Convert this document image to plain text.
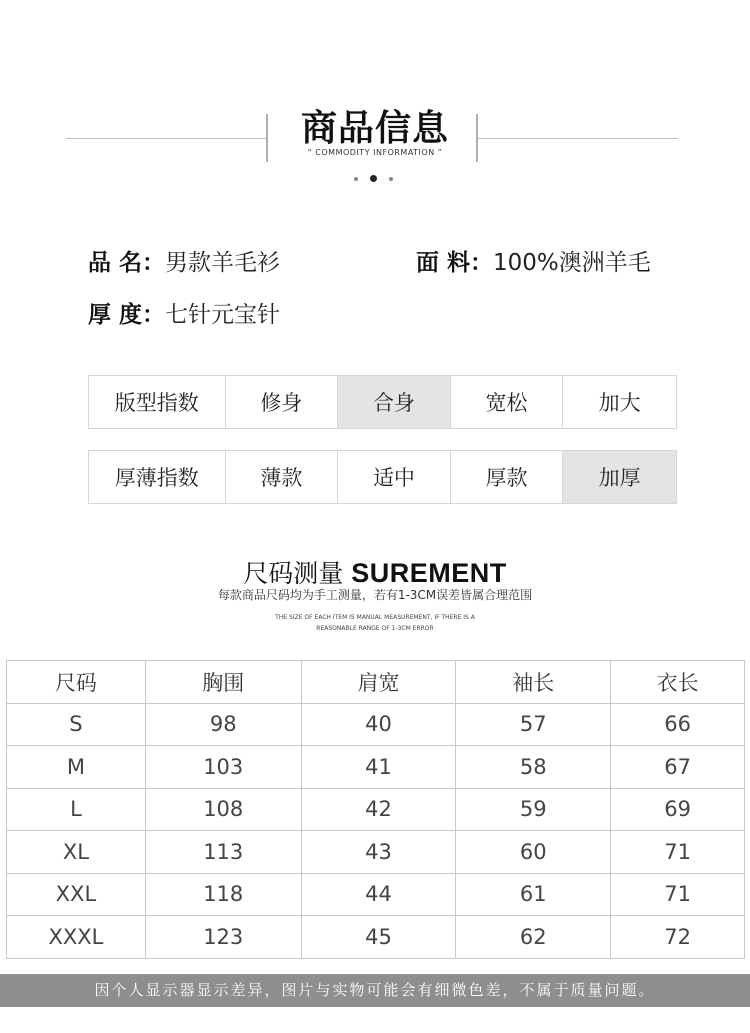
商品信息
“ COMMODITY INFORMATION ”
品 名：男款羊毛衫	面 料：100%澳洲羊毛
厚 度：七针元宝针
版型指数	修身	合身	宽松	加大
厚薄指数	薄款	适中	厚款	加厚
尺码测量 SUREMENT
每款商品尺码均为手工测量，若有1-3CM误差皆属合理范围
THE SIZE OF EACH ITEM IS MANUAL MEASUREMENT, IF THERE IS A
REASONABLE RANGE OF 1-3CM ERROR
尺码	胸围	肩宽	袖长	衣长
S	98	40	57	66
M	103	41	58	67
L	108	42	59	69
XL	113	43	60	71
XXL	118	44	61	71
XXXL	123	45	62	72
因个人显示器显示差异，图片与实物可能会有细微色差，不属于质量问题。
